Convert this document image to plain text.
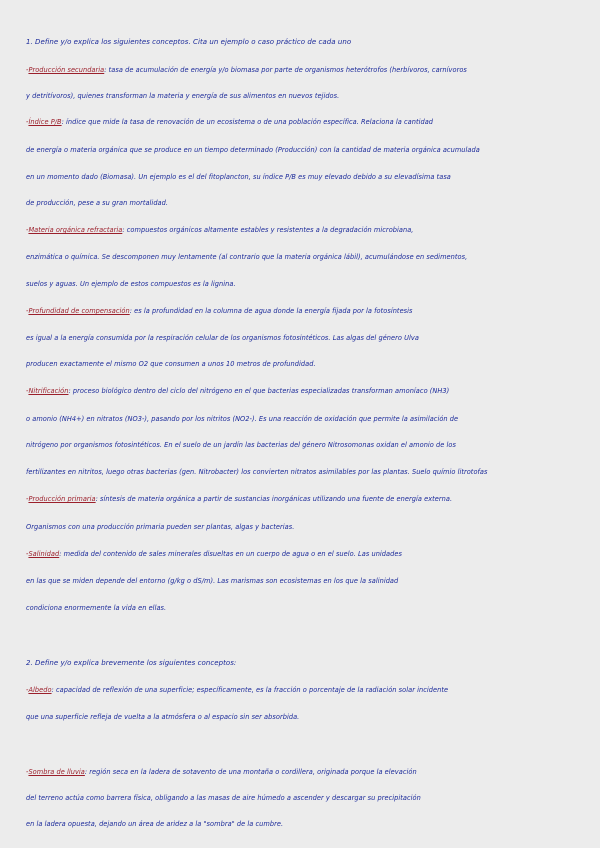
1. Define y/o explica los siguientes conceptos. Cita un ejemplo o caso práctico de cada uno
-Producción secundaria: tasa de acumulación de energía y/o biomasa por parte de organismos heterótrofos (herbívoros, carnívoros
y detritívoros), quienes transforman la materia y energía de sus alimentos en nuevos tejidos.
-Índice P/B: índice que mide la tasa de renovación de un ecosistema o de una población específica. Relaciona la cantidad
de energía o materia orgánica que se produce en un tiempo determinado (Producción) con la cantidad de materia orgánica acumulada
en un momento dado (Biomasa). Un ejemplo es el del fitoplancton, su índice P/B es muy elevado debido a su elevadísima tasa
de producción, pese a su gran mortalidad.
-Materia orgánica refractaria: compuestos orgánicos altamente estables y resistentes a la degradación microbiana,
enzimática o química. Se descomponen muy lentamente (al contrario que la materia orgánica lábil), acumulándose en sedimentos,
suelos y aguas. Un ejemplo de estos compuestos es la lignina.
-Profundidad de compensación: es la profundidad en la columna de agua donde la energía fijada por la fotosíntesis
es igual a la energía consumida por la respiración celular de los organismos fotosintéticos. Las algas del género Ulva
producen exactamente el mismo O2 que consumen a unos 10 metros de profundidad.
-Nitrificación: proceso biológico dentro del ciclo del nitrógeno en el que bacterias especializadas transforman amoníaco (NH3)
o amonio (NH4+) en nitratos (NO3-), pasando por los nitritos (NO2-). Es una reacción de oxidación que permite la asimilación de
nitrógeno por organismos fotosintéticos. En el suelo de un jardín las bacterias del género Nitrosomonas oxidan el amonio de los
fertilizantes en nitritos, luego otras bacterias (gen. Nitrobacter) los convierten nitratos asimilables por las plantas. Suelo químio litrotofas
-Producción primaria: síntesis de materia orgánica a partir de sustancias inorgánicas utilizando una fuente de energía externa.
Organismos con una producción primaria pueden ser plantas, algas y bacterias.
-Salinidad: medida del contenido de sales minerales disueltas en un cuerpo de agua o en el suelo. Las unidades
en las que se miden depende del entorno (g/kg o dS/m). Las marismas son ecosistemas en los que la salinidad
condiciona enormemente la vida en ellas.
2. Define y/o explica brevemente los siguientes conceptos:
-Albedo: capacidad de reflexión de una superficie; específicamente, es la fracción o porcentaje de la radiación solar incidente
que una superficie refleja de vuelta a la atmósfera o al espacio sin ser absorbida.
-Sombra de lluvia: región seca en la ladera de sotavento de una montaña o cordillera, originada porque la elevación
del terreno actúa como barrera física, obligando a las masas de aire húmedo a ascender y descargar su precipitación
en la ladera opuesta, dejando un área de aridez a la "sombra" de la cumbre.
